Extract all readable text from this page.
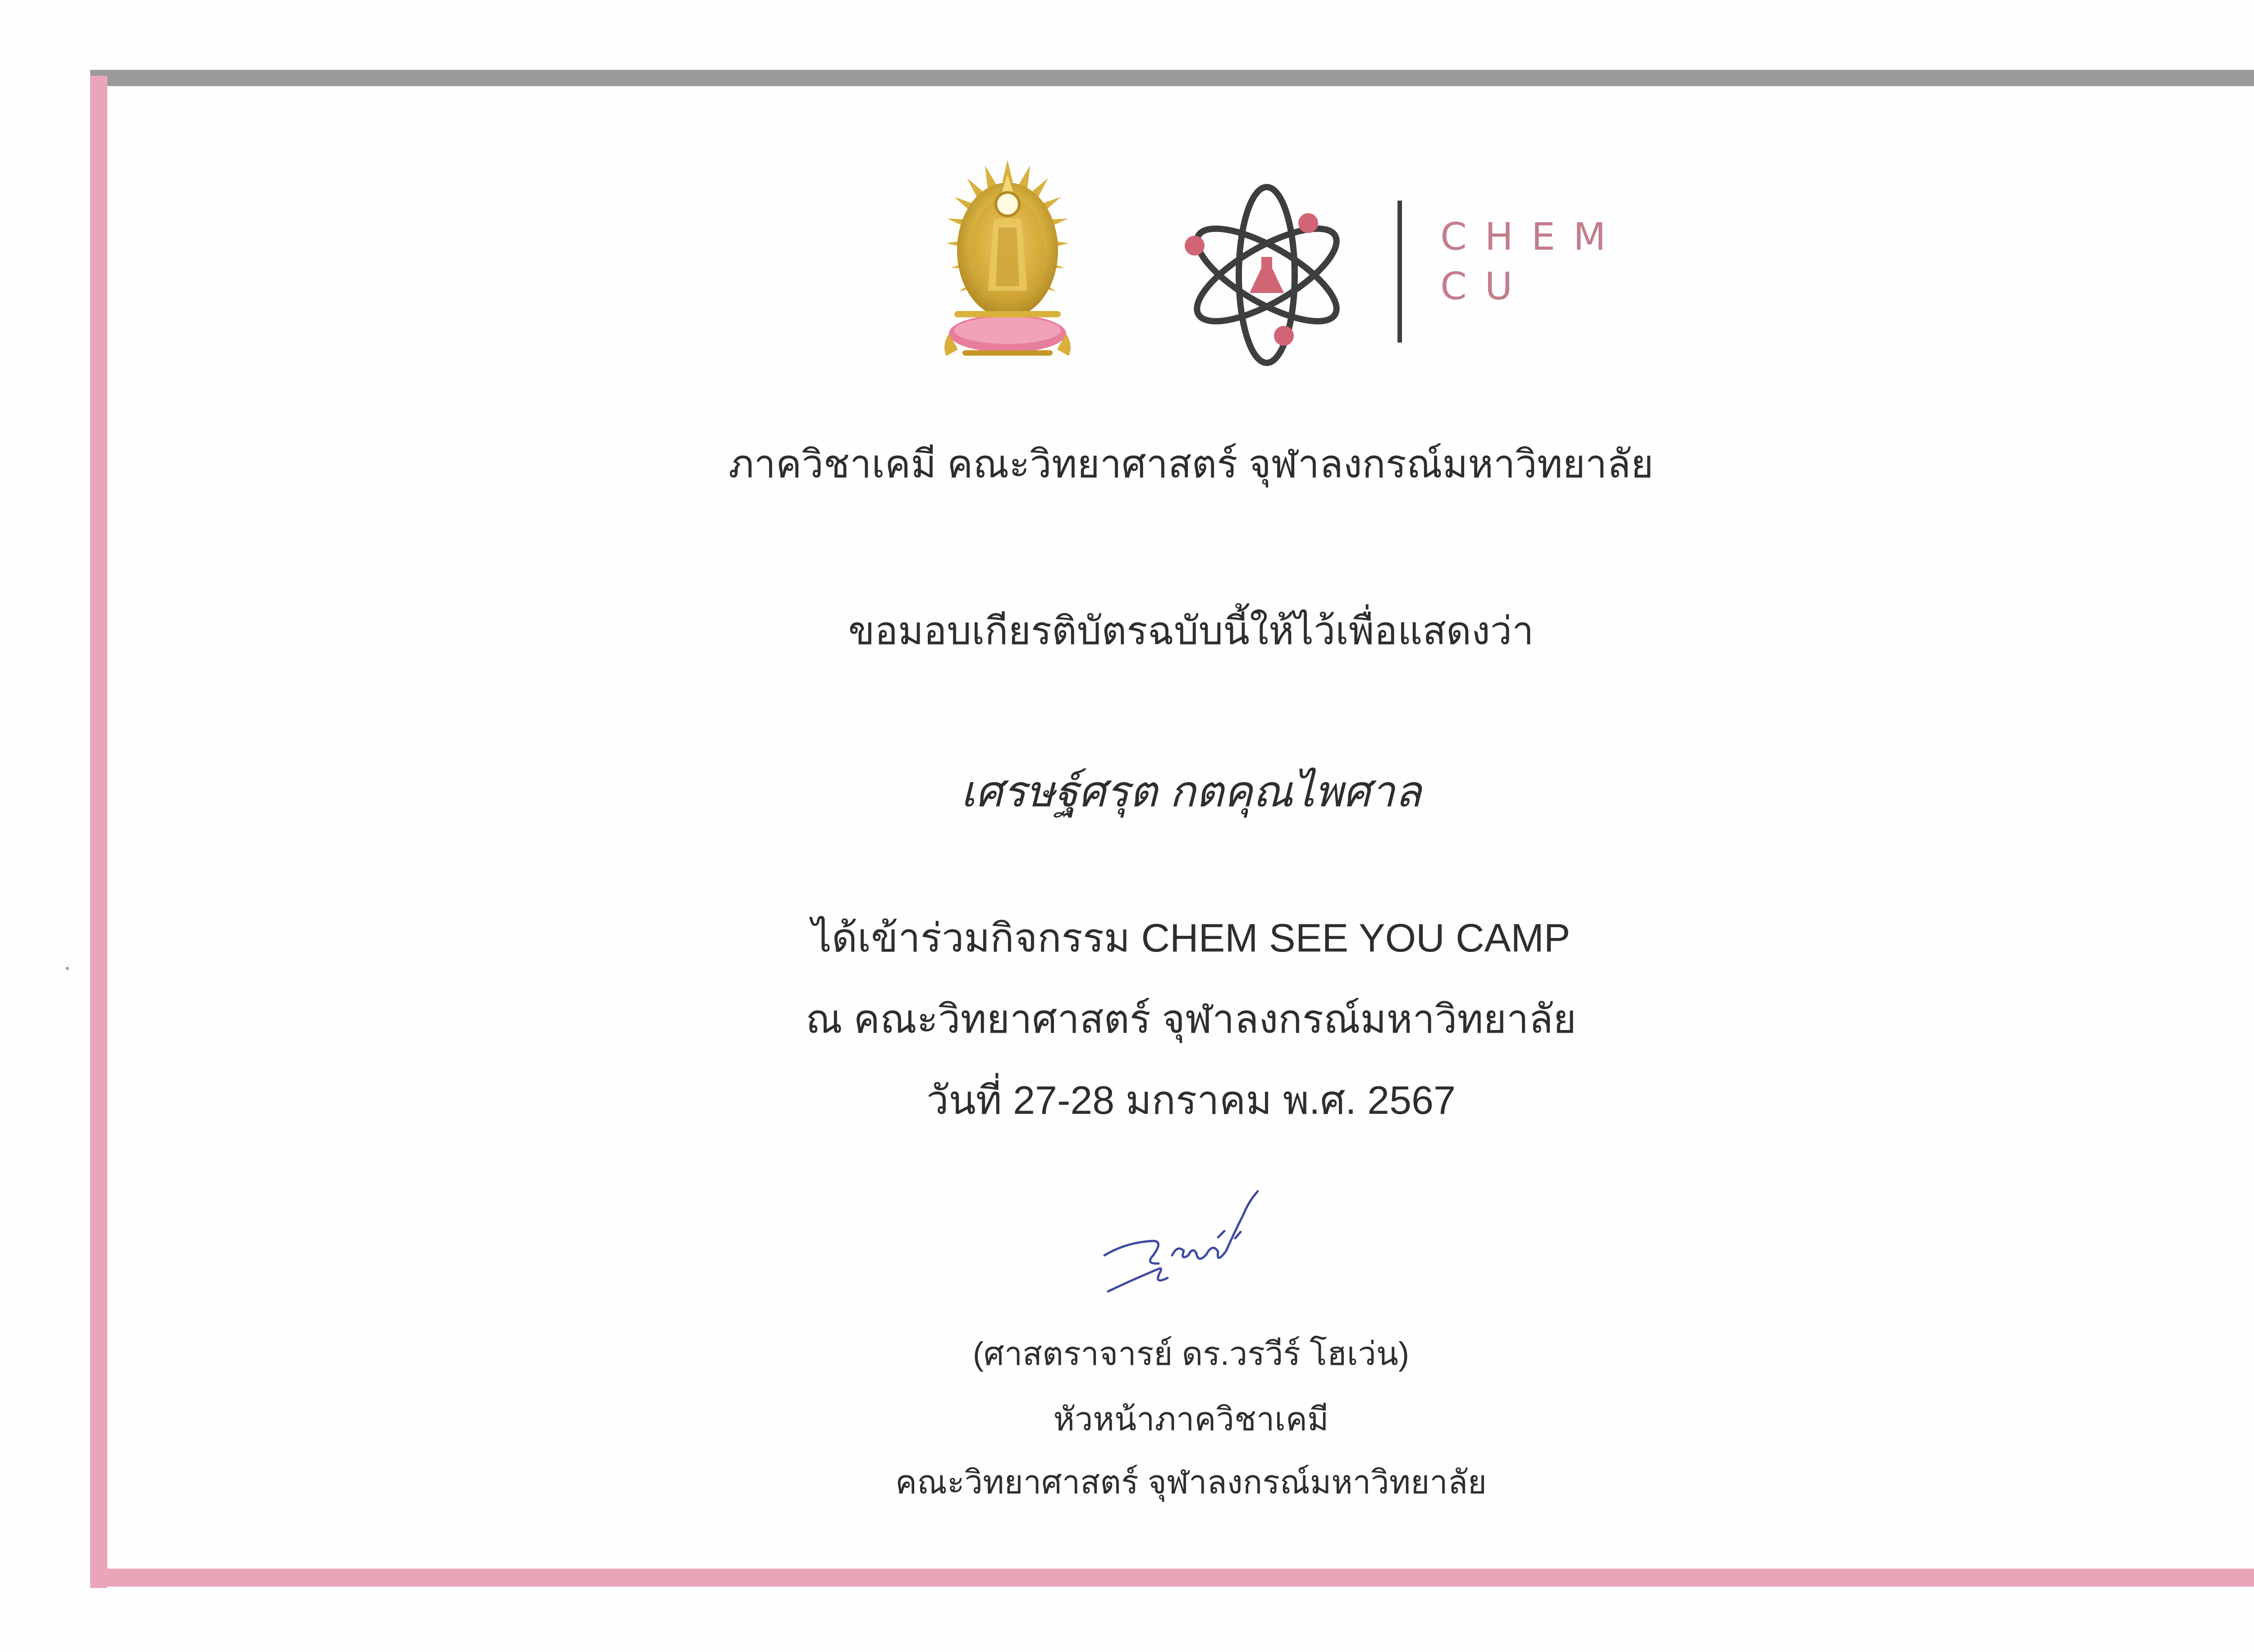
CHEM
CU
ภาควิชาเคมี คณะวิทยาศาสตร์ จุฬาลงกรณ์มหาวิทยาลัย
ขอมอบเกียรติบัตรฉบับนี้ให้ไว้เพื่อแสดงว่า
เศรษฐ์ศรุต กตคุณไพศาล
ได้เข้าร่วมกิจกรรม CHEM SEE YOU CAMP
ณ คณะวิทยาศาสตร์ จุฬาลงกรณ์มหาวิทยาลัย
วันที่ 27-28 มกราคม พ.ศ. 2567
(ศาสตราจารย์ ดร.วรวีร์ โฮเว่น)
หัวหน้าภาควิชาเคมี
คณะวิทยาศาสตร์ จุฬาลงกรณ์มหาวิทยาลัย
